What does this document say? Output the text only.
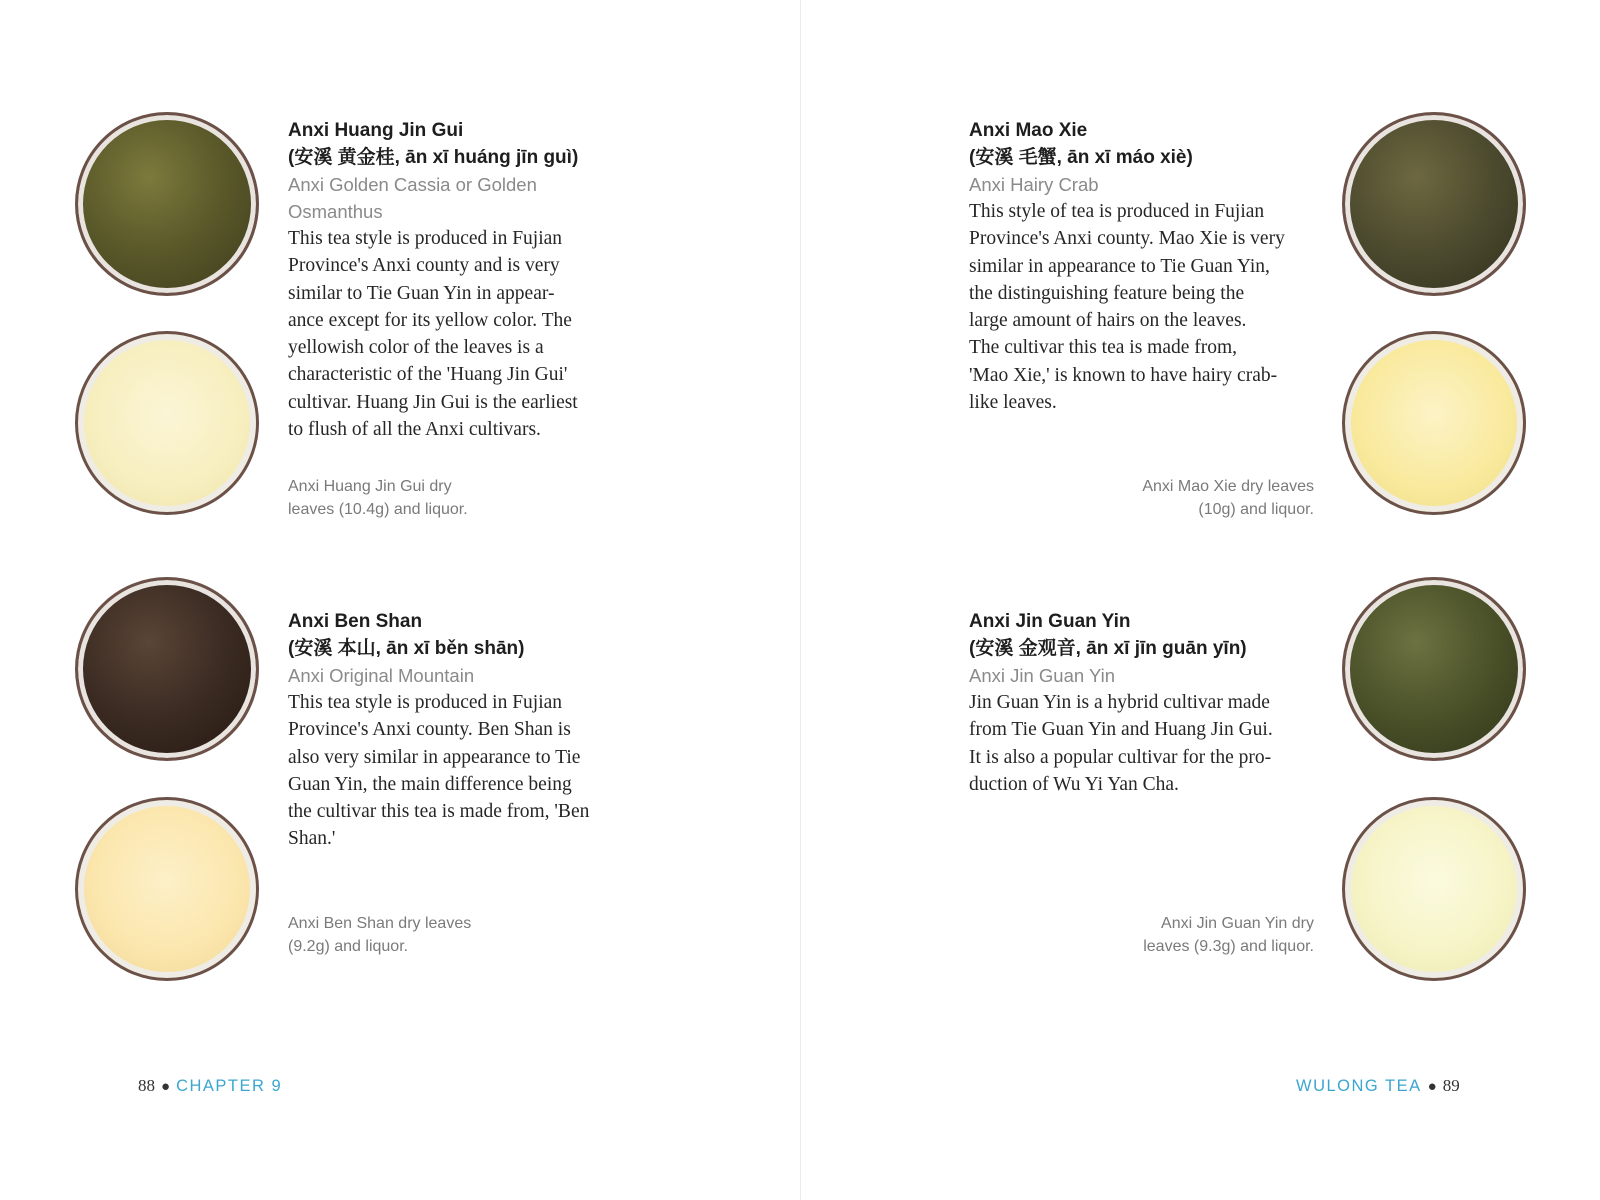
Anxi Huang Jin Gui
(安溪 黄金桂, ān xī huáng jīn guì)
Anxi Golden Cassia or Golden
Osmanthus
This tea style is produced in Fujian
Province's Anxi county and is very
similar to Tie Guan Yin in appear-
ance except for its yellow color. The
yellowish color of the leaves is a
characteristic of the 'Huang Jin Gui'
cultivar. Huang Jin Gui is the earliest
to flush of all the Anxi cultivars.
Anxi Huang Jin Gui dry
leaves (10.4g) and liquor.
Anxi Ben Shan
(安溪 本山, ān xī běn shān)
Anxi Original Mountain
This tea style is produced in Fujian
Province's Anxi county. Ben Shan is
also very similar in appearance to Tie
Guan Yin, the main difference being
the cultivar this tea is made from, 'Ben
Shan.'
Anxi Ben Shan dry leaves
(9.2g) and liquor.
88 ● CHAPTER 9
Anxi Mao Xie
(安溪 毛蟹, ān xī máo xiè)
Anxi Hairy Crab
This style of tea is produced in Fujian
Province's Anxi county. Mao Xie is very
similar in appearance to Tie Guan Yin,
the distinguishing feature being the
large amount of hairs on the leaves.
The cultivar this tea is made from,
'Mao Xie,' is known to have hairy crab-
like leaves.
Anxi Mao Xie dry leaves
(10g) and liquor.
Anxi Jin Guan Yin
(安溪 金观音, ān xī jīn guān yīn)
Anxi Jin Guan Yin
Jin Guan Yin is a hybrid cultivar made
from Tie Guan Yin and Huang Jin Gui.
It is also a popular cultivar for the pro-
duction of Wu Yi Yan Cha.
Anxi Jin Guan Yin dry
leaves (9.3g) and liquor.
WULONG TEA ● 89
